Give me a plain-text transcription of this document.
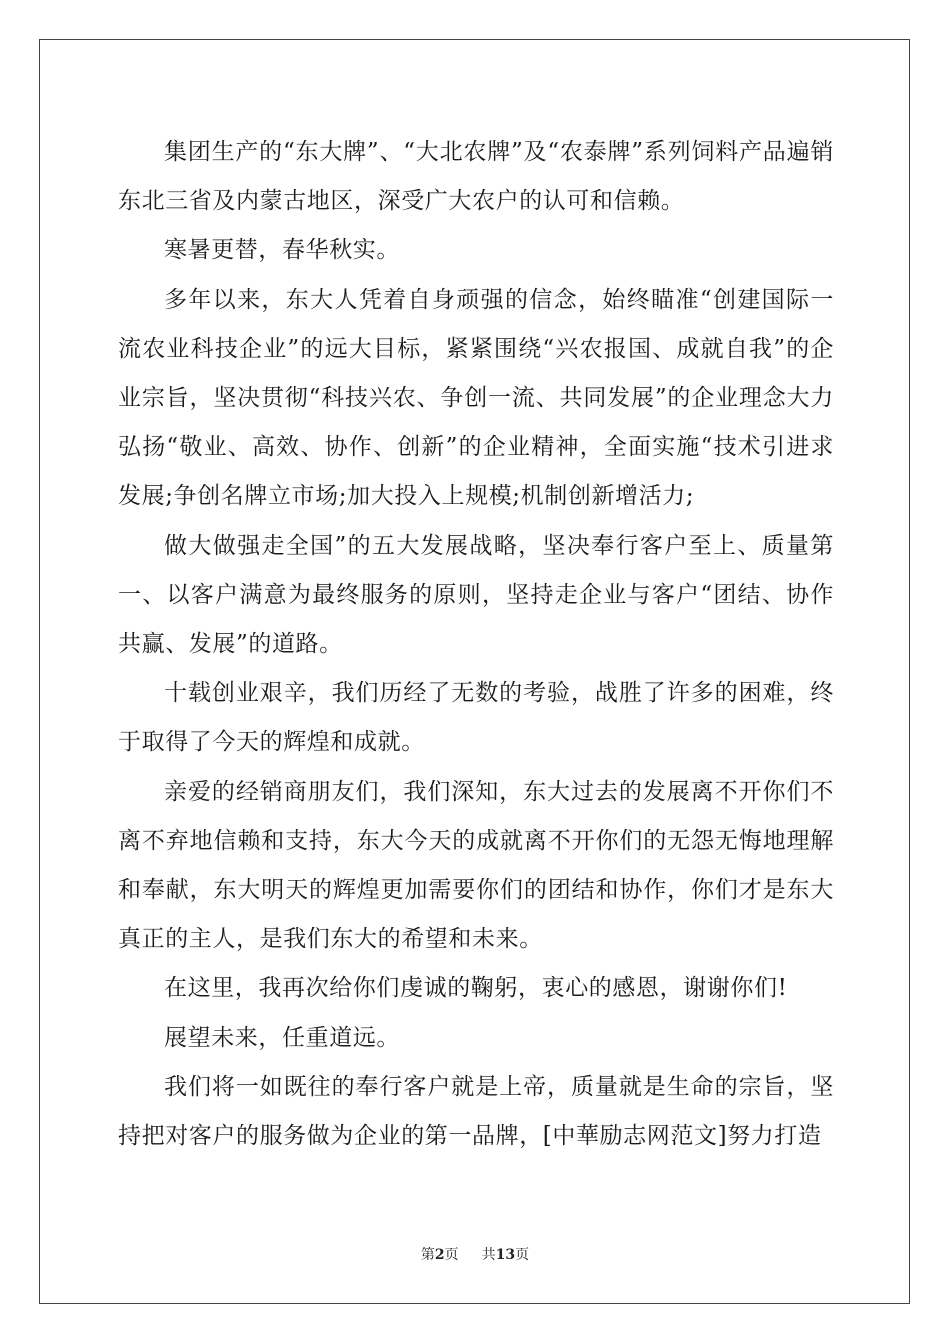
集团生产的“东大牌”、“大北农牌”及“农泰牌”系列饲料产品遍销东北三省及内蒙古地区，深受广大农户的认可和信赖。

寒暑更替，春华秋实。

多年以来，东大人凭着自身顽强的信念，始终瞄准“创建国际一流农业科技企业”的远大目标，紧紧围绕“兴农报国、成就自我”的企业宗旨，坚决贯彻“科技兴农、争创一流、共同发展”的企业理念大力弘扬“敬业、高效、协作、创新”的企业精神，全面实施“技术引进求发展;争创名牌立市场;加大投入上规模;机制创新增活力;

做大做强走全国”的五大发展战略，坚决奉行客户至上、质量第一、以客户满意为最终服务的原则，坚持走企业与客户“团结、协作共赢、发展”的道路。

十载创业艰辛，我们历经了无数的考验，战胜了许多的困难，终于取得了今天的辉煌和成就。

亲爱的经销商朋友们，我们深知，东大过去的发展离不开你们不离不弃地信赖和支持，东大今天的成就离不开你们的无怨无悔地理解和奉献，东大明天的辉煌更加需要你们的团结和协作，你们才是东大真正的主人，是我们东大的希望和未来。

在这里，我再次给你们虔诚的鞠躬，衷心的感恩，谢谢你们!

展望未来，任重道远。

我们将一如既往的奉行客户就是上帝，质量就是生命的宗旨，坚持把对客户的服务做为企业的第一品牌，[中華励志网范文]努力打造

第2页 共13页
